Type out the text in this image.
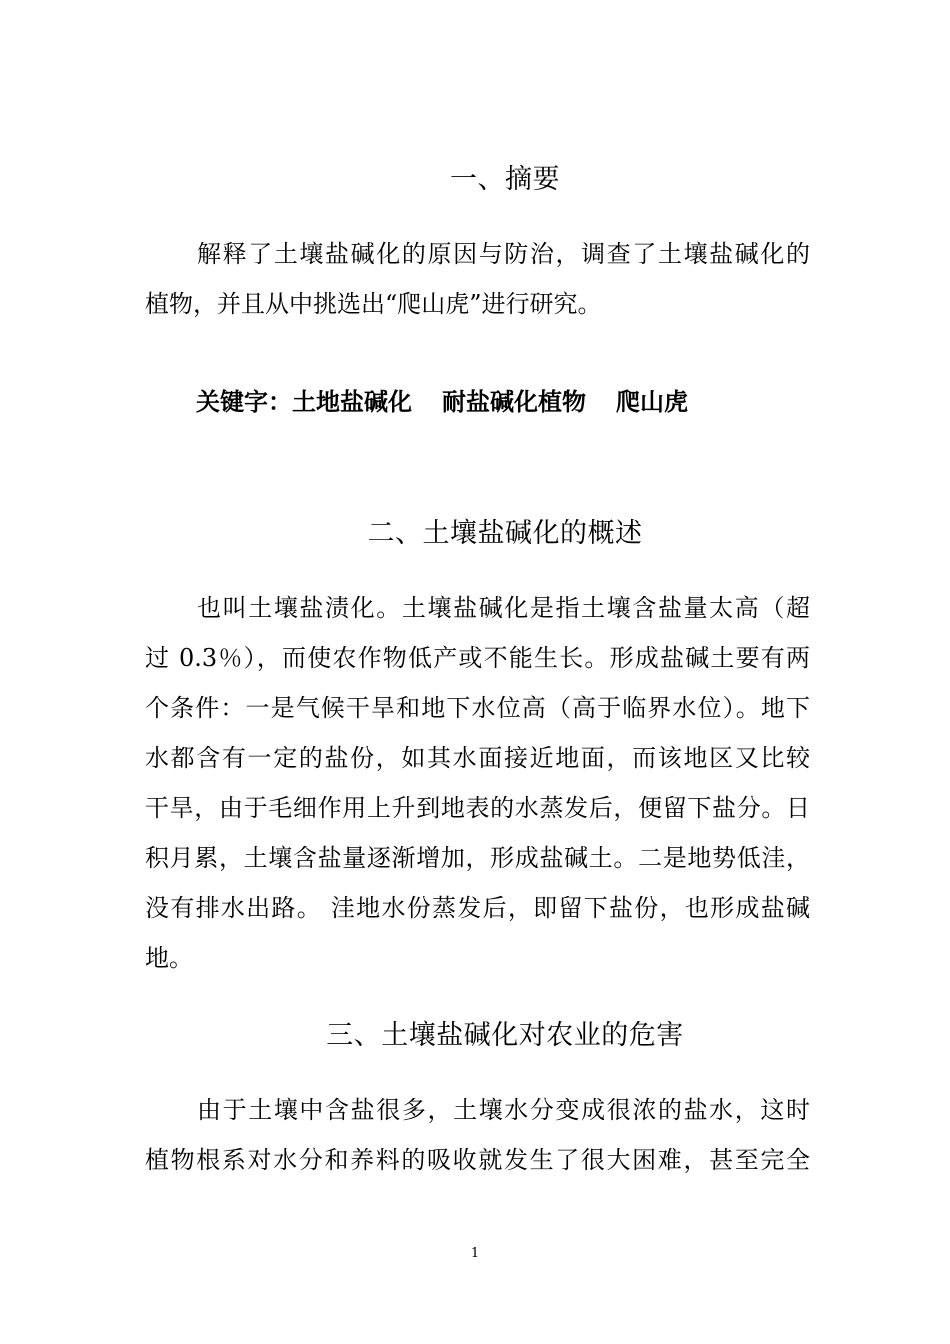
一、摘要
解释了土壤盐碱化的原因与防治，调查了土壤盐碱化的
植物，并且从中挑选出“爬山虎”进行研究。
关键字：土地盐碱化 耐盐碱化植物 爬山虎
二、土壤盐碱化的概述
也叫土壤盐渍化。土壤盐碱化是指土壤含盐量太高（超
过 0.3％），而使农作物低产或不能生长。形成盐碱土要有两
个条件：一是气候干旱和地下水位高（高于临界水位）。地下
水都含有一定的盐份，如其水面接近地面，而该地区又比较
干旱，由于毛细作用上升到地表的水蒸发后，便留下盐分。日
积月累，土壤含盐量逐渐增加，形成盐碱土。二是地势低洼，
没有排水出路。 洼地水份蒸发后，即留下盐份，也形成盐碱
地。
三、土壤盐碱化对农业的危害
由于土壤中含盐很多，土壤水分变成很浓的盐水，这时
植物根系对水分和养料的吸收就发生了很大困难，甚至完全
1
